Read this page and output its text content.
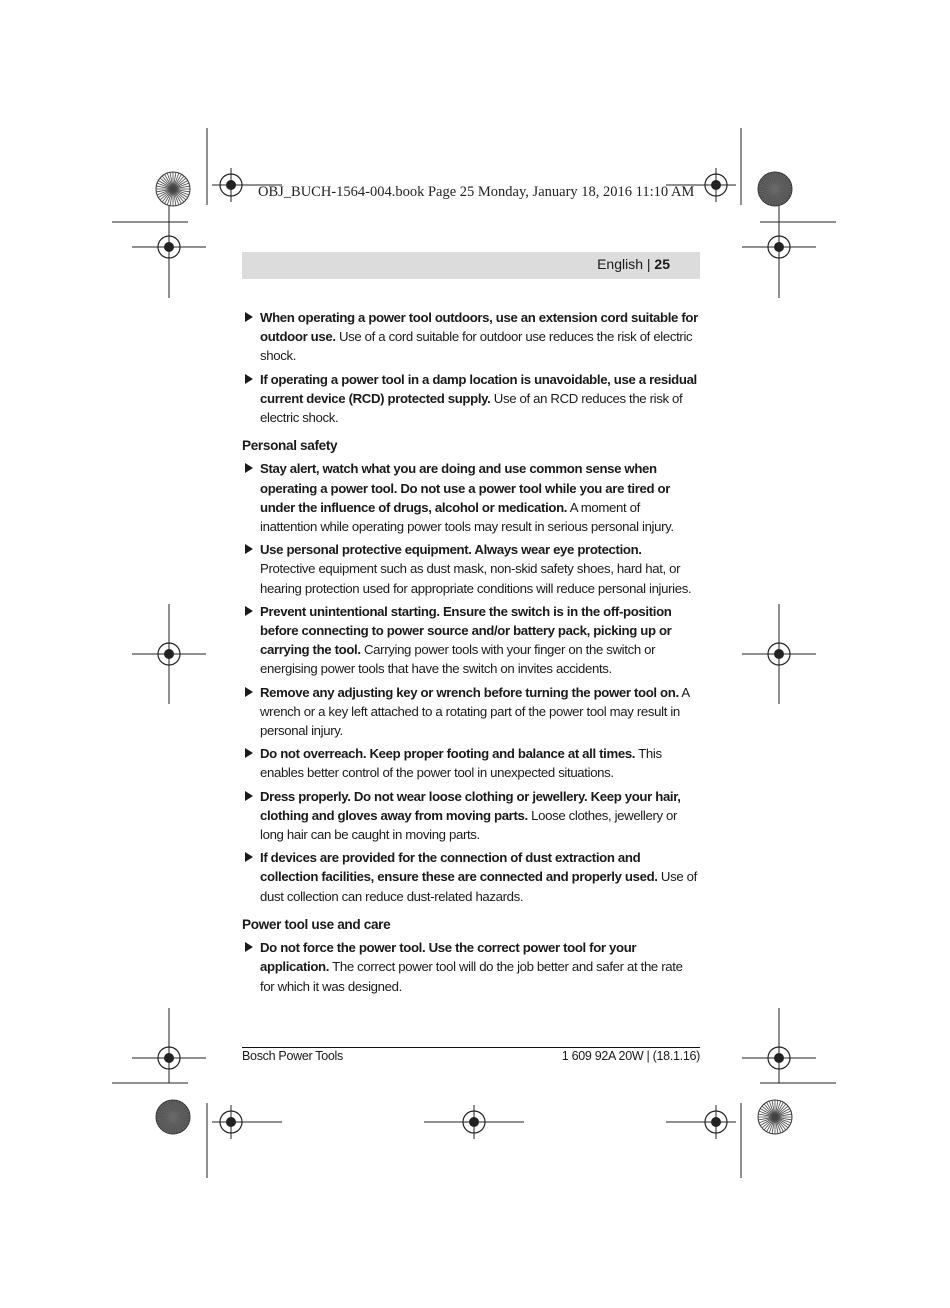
OBJ_BUCH-1564-004.book Page 25 Monday, January 18, 2016 11:10 AM
English | 25
When operating a power tool outdoors, use an extension cord suitable for outdoor use. Use of a cord suitable for outdoor use reduces the risk of electric shock.
If operating a power tool in a damp location is unavoidable, use a residual current device (RCD) protected supply. Use of an RCD reduces the risk of electric shock.
Personal safety
Stay alert, watch what you are doing and use common sense when operating a power tool. Do not use a power tool while you are tired or under the influence of drugs, alcohol or medication. A moment of inattention while operating power tools may result in serious personal injury.
Use personal protective equipment. Always wear eye protection. Protective equipment such as dust mask, non-skid safety shoes, hard hat, or hearing protection used for appropriate conditions will reduce personal injuries.
Prevent unintentional starting. Ensure the switch is in the off-position before connecting to power source and/or battery pack, picking up or carrying the tool. Carrying power tools with your finger on the switch or energising power tools that have the switch on invites accidents.
Remove any adjusting key or wrench before turning the power tool on. A wrench or a key left attached to a rotating part of the power tool may result in personal injury.
Do not overreach. Keep proper footing and balance at all times. This enables better control of the power tool in unexpected situations.
Dress properly. Do not wear loose clothing or jewellery. Keep your hair, clothing and gloves away from moving parts. Loose clothes, jewellery or long hair can be caught in moving parts.
If devices are provided for the connection of dust extraction and collection facilities, ensure these are connected and properly used. Use of dust collection can reduce dust-related hazards.
Power tool use and care
Do not force the power tool. Use the correct power tool for your application. The correct power tool will do the job better and safer at the rate for which it was designed.
Bosch Power Tools	1 609 92A 20W | (18.1.16)
